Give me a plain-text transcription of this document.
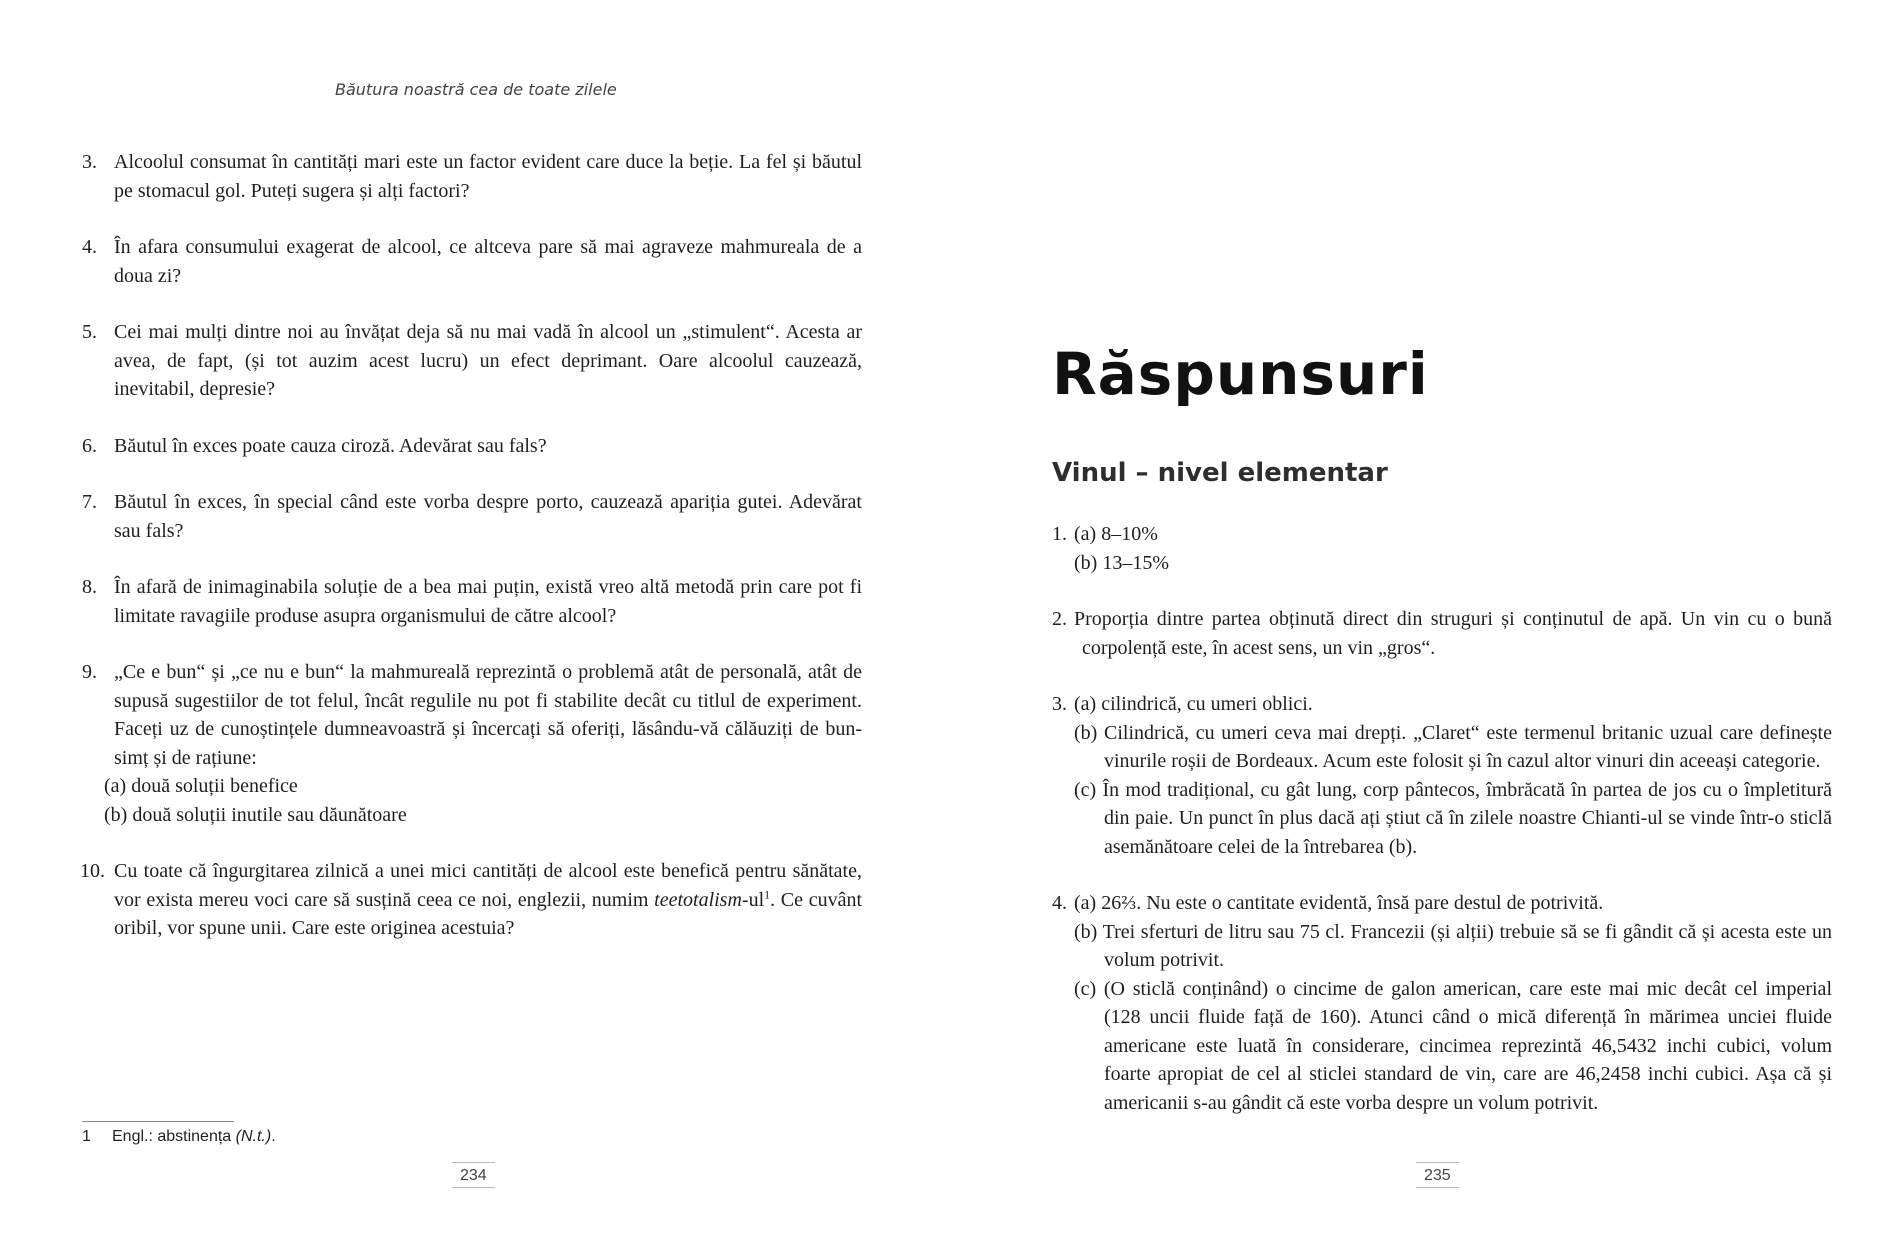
Băutura noastră cea de toate zilele
3. Alcoolul consumat în cantități mari este un factor evident care duce la beție. La fel și băutul pe stomacul gol. Puteți sugera și alți factori?
4. În afara consumului exagerat de alcool, ce altceva pare să mai agraveze mahmureala de a doua zi?
5. Cei mai mulți dintre noi au învățat deja să nu mai vadă în alcool un „stimulent“. Acesta ar avea, de fapt, (și tot auzim acest lucru) un efect deprimant. Oare alcoolul cauzează, inevitabil, depresie?
6. Băutul în exces poate cauza ciroză. Adevărat sau fals?
7. Băutul în exces, în special când este vorba despre porto, cauzează apariția gutei. Adevărat sau fals?
8. În afară de inimaginabila soluție de a bea mai puțin, există vreo altă metodă prin care pot fi limitate ravagiile produse asupra organismului de către alcool?
9. „Ce e bun“ și „ce nu e bun“ la mahmureală reprezintă o problemă atât de personală, atât de supusă sugestiilor de tot felul, încât regulile nu pot fi stabilite decât cu titlul de experiment. Faceți uz de cunoștințele dumneavoastră și încercați să oferiți, lăsându-vă călăuziți de bun-simț și de rațiune:
(a) două soluții benefice
(b) două soluții inutile sau dăunătoare
10. Cu toate că îngurgitarea zilnică a unei mici cantități de alcool este benefică pentru sănătate, vor exista mereu voci care să susțină ceea ce noi, englezii, numim teetotalism-$ul^1$. Ce cuvânt oribil, vor spune unii. Care este originea acestuia?
1 Engl.: abstinența (N.t.).
234
Răspunsuri
Vinul – nivel elementar
1. (a) 8–10%
(b) 13–15%
2. Proporția dintre partea obținută direct din struguri și conținutul de apă. Un vin cu o bună corpolență este, în acest sens, un vin „gros“.
3. (a) cilindrică, cu umeri oblici.
(b) Cilindrică, cu umeri ceva mai drepți. „Claret“ este termenul britanic uzual care definește vinurile roșii de Bordeaux. Acum este folosit și în cazul altor vinuri din aceeași categorie.
(c) În mod tradițional, cu gât lung, corp pântecos, îmbrăcată în partea de jos cu o împletitură din paie. Un punct în plus dacă ați știut că în zilele noastre Chianti-ul se vinde într-o sticlă asemănătoare celei de la întrebarea (b).
4. (a) 26⅔. Nu este o cantitate evidentă, însă pare destul de potrivită.
(b) Trei sferturi de litru sau 75 cl. Francezii (și alții) trebuie să se fi gândit că și acesta este un volum potrivit.
(c) (O sticlă conținând) o cincime de galon american, care este mai mic decât cel imperial (128 uncii fluide față de 160). Atunci când o mică diferență în mărimea unciei fluide americane este luată în considerare, cincimea reprezintă 46,5432 inchi cubici, volum foarte apropiat de cel al sticlei standard de vin, care are 46,2458 inchi cubici. Așa că și americanii s-au gândit că este vorba despre un volum potrivit.
235
